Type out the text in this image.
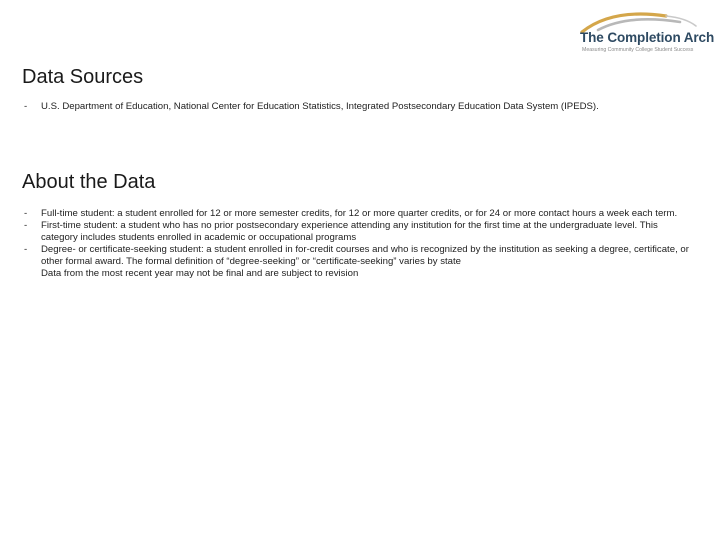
The Completion Arch
Measuring Community College Student Success
Data Sources
- U.S. Department of Education, National Center for Education Statistics, Integrated Postsecondary Education Data System (IPEDS).
About the Data
- Full-time student: a student enrolled for 12 or more semester credits, for 12 or more quarter credits, or for 24 or more contact hours a week each term.
- First-time student: a student who has no prior postsecondary experience attending any institution for the first time at the undergraduate level. This category includes students enrolled in academic or occupational programs
- Degree- or certificate-seeking student: a student enrolled in for-credit courses and who is recognized by the institution as seeking a degree, certificate, or other formal award. The formal definition of “degree-seeking” or “certificate-seeking” varies by state
Data from the most recent year may not be final and are subject to revision
